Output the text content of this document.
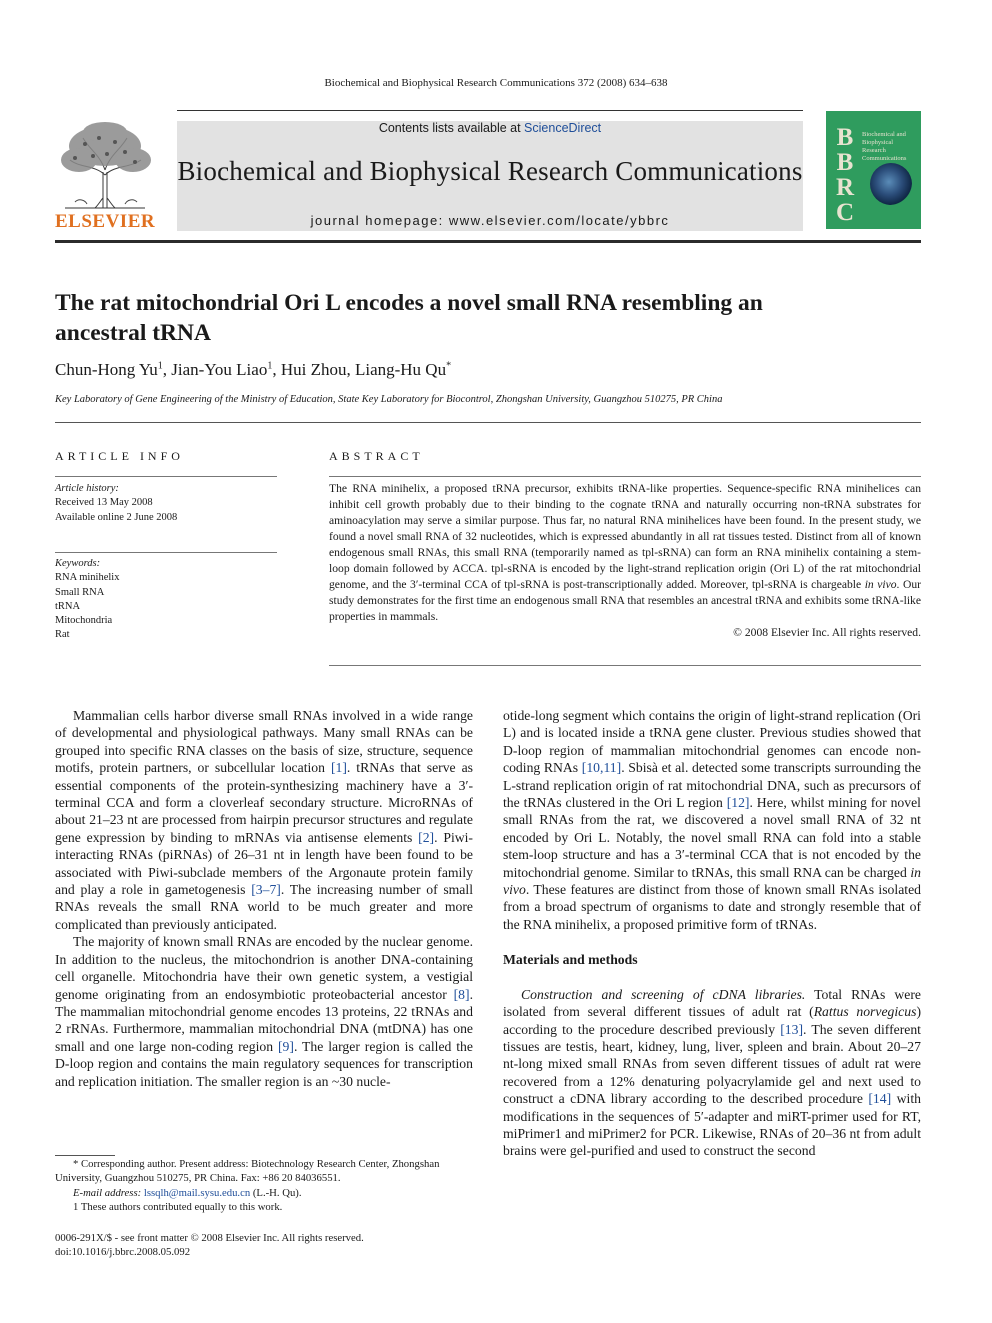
Biochemical and Biophysical Research Communications 372 (2008) 634–638
ELSEVIER
Contents lists available at ScienceDirect
Biochemical and Biophysical Research Communications
journal homepage: www.elsevier.com/locate/ybbrc
B
B
R
C
Biochemical and Biophysical Research Communications
The rat mitochondrial Ori L encodes a novel small RNA resembling an ancestral tRNA
Chun-Hong Yu$^1$, Jian-You Liao$^1$, Hui Zhou, Liang-Hu Qu*
Key Laboratory of Gene Engineering of the Ministry of Education, State Key Laboratory for Biocontrol, Zhongshan University, Guangzhou 510275, PR China
ARTICLE INFO
Article history:
Received 13 May 2008
Available online 2 June 2008
Keywords:
RNA minihelix
Small RNA
tRNA
Mitochondria
Rat
ABSTRACT

The RNA minihelix, a proposed tRNA precursor, exhibits tRNA-like properties. Sequence-specific RNA minihelices can inhibit cell growth probably due to their binding to the cognate tRNA and naturally occurring non-tRNA substrates for aminoacylation may serve a similar purpose. Thus far, no natural RNA minihelices have been found. In the present study, we found a novel small RNA of 32 nucleotides, which is expressed abundantly in all rat tissues tested. Distinct from all of known endogenous small RNAs, this small RNA (temporarily named as tpl-sRNA) can form an RNA minihelix containing a stem-loop domain followed by ACCA. tpl-sRNA is encoded by the light-strand replication origin (Ori L) of the rat mitochondrial genome, and the 3′-terminal CCA of tpl-sRNA is post-transcriptionally added. Moreover, tpl-sRNA is chargeable in vivo. Our study demonstrates for the first time an endogenous small RNA that resembles an ancestral tRNA and exhibits some tRNA-like properties in mammals.

© 2008 Elsevier Inc. All rights reserved.

Mammalian cells harbor diverse small RNAs involved in a wide range of developmental and physiological pathways. Many small RNAs can be grouped into specific RNA classes on the basis of size, structure, sequence motifs, protein partners, or subcellular location [1]. tRNAs that serve as essential components of the protein-synthesizing machinery have a 3′-terminal CCA and form a cloverleaf secondary structure. MicroRNAs of about 21–23 nt are processed from hairpin precursor structures and regulate gene expression by binding to mRNAs via antisense elements [2]. Piwi-interacting RNAs (piRNAs) of 26–31 nt in length have been found to be associated with Piwi-subclade members of the Argonaute protein family and play a role in gametogenesis [3–7]. The increasing number of small RNAs reveals the small RNA world to be much greater and more complicated than previously anticipated.

The majority of known small RNAs are encoded by the nuclear genome. In addition to the nucleus, the mitochondrion is another DNA-containing cell organelle. Mitochondria have their own genetic system, a vestigial genome originating from an endosymbiotic proteobacterial ancestor [8]. The mammalian mitochondrial genome encodes 13 proteins, 22 tRNAs and 2 rRNAs. Furthermore, mammalian mitochondrial DNA (mtDNA) has one small and one large non-coding region [9]. The larger region is called the D-loop region and contains the main regulatory sequences for transcription and replication initiation. The smaller region is an ~30 nucle-

otide-long segment which contains the origin of light-strand replication (Ori L) and is located inside a tRNA gene cluster. Previous studies showed that D-loop region of mammalian mitochondrial genomes can encode non-coding RNAs [10,11]. Sbisà et al. detected some transcripts surrounding the L-strand replication origin of rat mitochondrial DNA, such as precursors of the tRNAs clustered in the Ori L region [12]. Here, whilst mining for novel small RNAs from the rat, we discovered a novel small RNA of 32 nt encoded by Ori L. Notably, the novel small RNA can fold into a stable stem-loop structure and has a 3′-terminal CCA that is not encoded by the mitochondrial genome. Similar to tRNAs, this small RNA can be charged in vivo. These features are distinct from those of known small RNAs isolated from a broad spectrum of organisms to date and strongly resemble that of the RNA minihelix, a proposed primitive form of tRNAs.

Materials and methods

Construction and screening of cDNA libraries. Total RNAs were isolated from several different tissues of adult rat (Rattus norvegicus) according to the procedure described previously [13]. The seven different tissues are testis, heart, kidney, lung, liver, spleen and brain. About 20–27 nt-long mixed small RNAs from seven different tissues of adult rat were recovered from a 12% denaturing polyacrylamide gel and next used to construct a cDNA library according to the described procedure [14] with modifications in the sequences of 5′-adapter and miRT-primer used for RT, miPrimer1 and miPrimer2 for PCR. Likewise, RNAs of 20–36 nt from adult brains were gel-purified and used to construct the second

* Corresponding author. Present address: Biotechnology Research Center, Zhongshan University, Guangzhou 510275, PR China. Fax: +86 20 84036551.
E-mail address: lssqlh@mail.sysu.edu.cn (L.-H. Qu).
1 These authors contributed equally to this work.
0006-291X/$ - see front matter © 2008 Elsevier Inc. All rights reserved.
doi:10.1016/j.bbrc.2008.05.092
